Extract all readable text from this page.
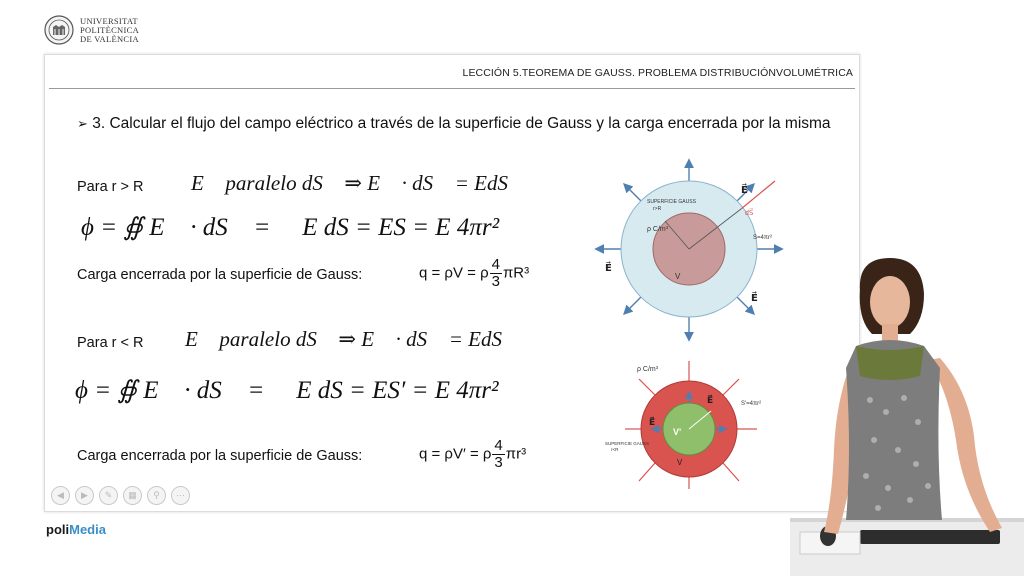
UNIVERSITAT
POLITÈCNICA
DE VALÈNCIA
LECCIÓN 5.TEOREMA DE GAUSS. PROBLEMA DISTRIBUCIÓNVOLUMÉTRICA
➢ 3. Calcular el flujo del campo eléctrico a través de la superficie de Gauss y la carga encerrada por la misma
Para r > R E⃗ paralelo dS⃗ ⇒ E⃗ · dS⃗ = EdS
ϕ = ∯ E⃗ · dS⃗ = ∯ E dS = ES = E 4πr²
Carga encerrada por la superficie de Gauss:	q = ρV = ρ $\frac{4}{3} \pi R^3$
Para r < R E⃗ paralelo dS⃗ ⇒ E⃗ · dS⃗ = EdS
ϕ = ∯ E⃗ · dS⃗ = ∯ E dS = ES′ = E 4πr²
Carga encerrada por la superficie de Gauss:	q = ρV′ = ρ $\frac{4}{3} \pi r^3$
SUPERFICIE GAUSS
r>R
ρ C/m³
V
S=4πr²
E⃗
E⃗
E⃗
dS⃗
ρ C/m³
S'=4πr²
SUPERFICIE GAUSS
r<R
V
V'
E⃗
E⃗
◀	▶	✎	▦	⚲	⋯
poliMedia
